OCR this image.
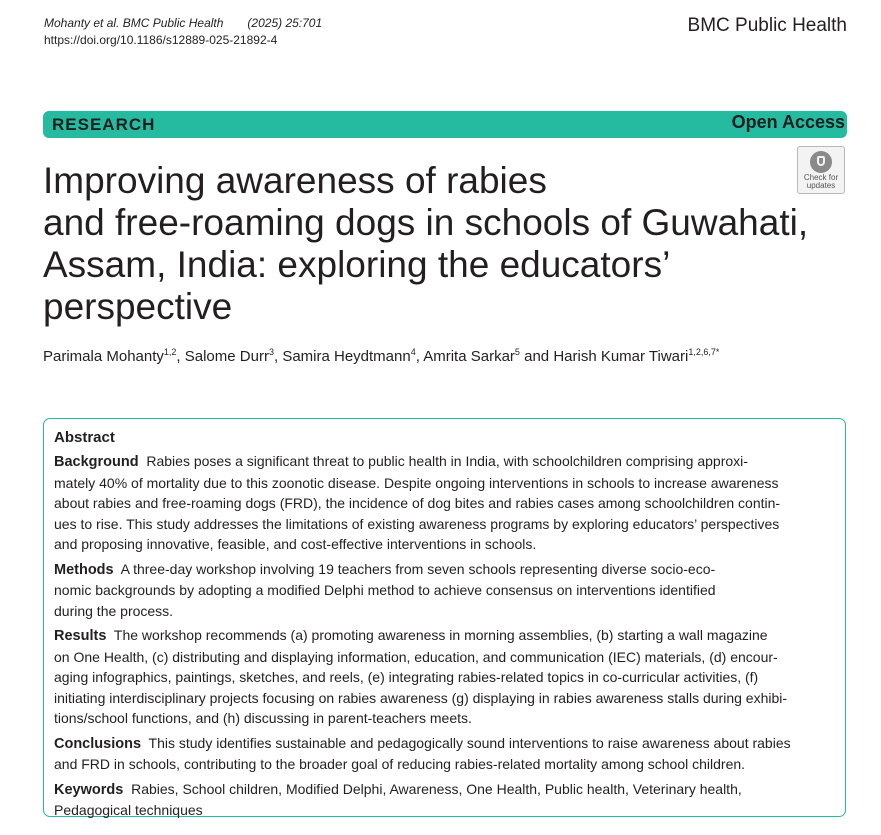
Mohanty et al. BMC Public Health (2025) 25:701
https://doi.org/10.1186/s12889-025-21892-4
BMC Public Health
RESEARCH	Open Access
Check for
updates
Improving awareness of rabies
and free-roaming dogs in schools of Guwahati,
Assam, India: exploring the educators’
perspective
Parimala Mohanty$^{1,2}$, Salome Durr$^3$, Samira Heydtmann$^4$, Amrita Sarkar$^5$ and Harish Kumar Tiwari$^{1,2,6,7*}$
Abstract
Background Rabies poses a significant threat to public health in India, with schoolchildren comprising approxi-
mately 40% of mortality due to this zoonotic disease. Despite ongoing interventions in schools to increase awareness
about rabies and free-roaming dogs (FRD), the incidence of dog bites and rabies cases among schoolchildren contin-
ues to rise. This study addresses the limitations of existing awareness programs by exploring educators’ perspectives
and proposing innovative, feasible, and cost-effective interventions in schools.
Methods A three-day workshop involving 19 teachers from seven schools representing diverse socio-eco-
nomic backgrounds by adopting a modified Delphi method to achieve consensus on interventions identified
during the process.
Results The workshop recommends (a) promoting awareness in morning assemblies, (b) starting a wall magazine
on One Health, (c) distributing and displaying information, education, and communication (IEC) materials, (d) encour-
aging infographics, paintings, sketches, and reels, (e) integrating rabies-related topics in co-curricular activities, (f)
initiating interdisciplinary projects focusing on rabies awareness (g) displaying in rabies awareness stalls during exhibi-
tions/school functions, and (h) discussing in parent-teachers meets.
Conclusions This study identifies sustainable and pedagogically sound interventions to raise awareness about rabies
and FRD in schools, contributing to the broader goal of reducing rabies-related mortality among school children.
Keywords Rabies, School children, Modified Delphi, Awareness, One Health, Public health, Veterinary health,
Pedagogical techniques
